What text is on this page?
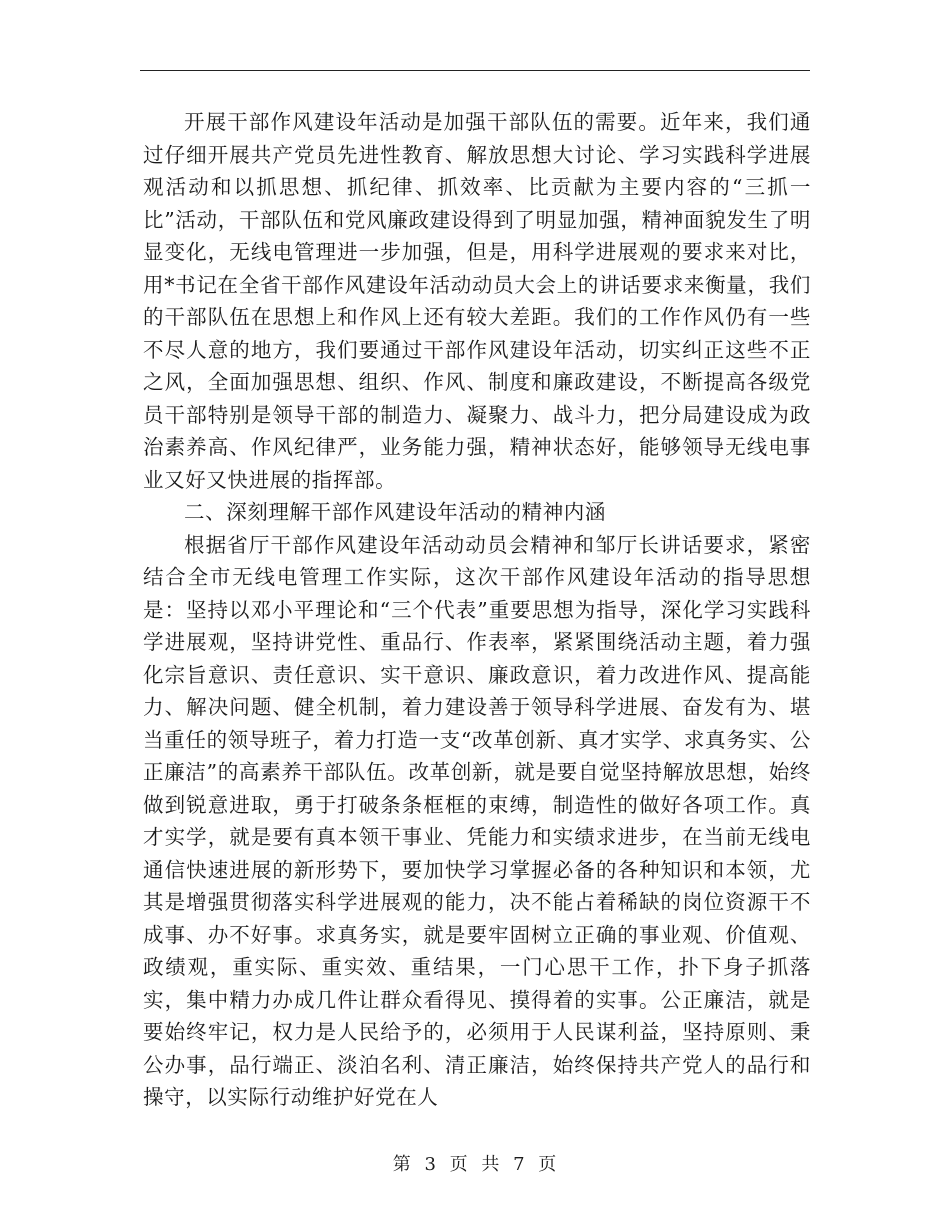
开展干部作风建设年活动是加强干部队伍的需要。近年来，我们通过仔细开展共产党员先进性教育、解放思想大讨论、学习实践科学进展观活动和以抓思想、抓纪律、抓效率、比贡献为主要内容的“三抓一比”活动，干部队伍和党风廉政建设得到了明显加强，精神面貌发生了明显变化，无线电管理进一步加强，但是，用科学进展观的要求来对比，用*书记在全省干部作风建设年活动动员大会上的讲话要求来衡量，我们的干部队伍在思想上和作风上还有较大差距。我们的工作作风仍有一些不尽人意的地方，我们要通过干部作风建设年活动，切实纠正这些不正之风，全面加强思想、组织、作风、制度和廉政建设，不断提高各级党员干部特别是领导干部的制造力、凝聚力、战斗力，把分局建设成为政治素养高、作风纪律严，业务能力强，精神状态好，能够领导无线电事业又好又快进展的指挥部。

二、深刻理解干部作风建设年活动的精神内涵

根据省厅干部作风建设年活动动员会精神和邹厅长讲话要求，紧密结合全市无线电管理工作实际，这次干部作风建设年活动的指导思想是：坚持以邓小平理论和“三个代表”重要思想为指导，深化学习实践科学进展观，坚持讲党性、重品行、作表率，紧紧围绕活动主题，着力强化宗旨意识、责任意识、实干意识、廉政意识，着力改进作风、提高能力、解决问题、健全机制，着力建设善于领导科学进展、奋发有为、堪当重任的领导班子，着力打造一支“改革创新、真才实学、求真务实、公正廉洁”的高素养干部队伍。改革创新，就是要自觉坚持解放思想，始终做到锐意进取，勇于打破条条框框的束缚，制造性的做好各项工作。真才实学，就是要有真本领干事业、凭能力和实绩求进步，在当前无线电通信快速进展的新形势下，要加快学习掌握必备的各种知识和本领，尤其是增强贯彻落实科学进展观的能力，决不能占着稀缺的岗位资源干不成事、办不好事。求真务实，就是要牢固树立正确的事业观、价值观、政绩观，重实际、重实效、重结果，一门心思干工作，扑下身子抓落实，集中精力办成几件让群众看得见、摸得着的实事。公正廉洁，就是要始终牢记，权力是人民给予的，必须用于人民谋利益，坚持原则、秉公办事，品行端正、淡泊名利、清正廉洁，始终保持共产党人的品行和操守，以实际行动维护好党在人

第 3 页 共 7 页
